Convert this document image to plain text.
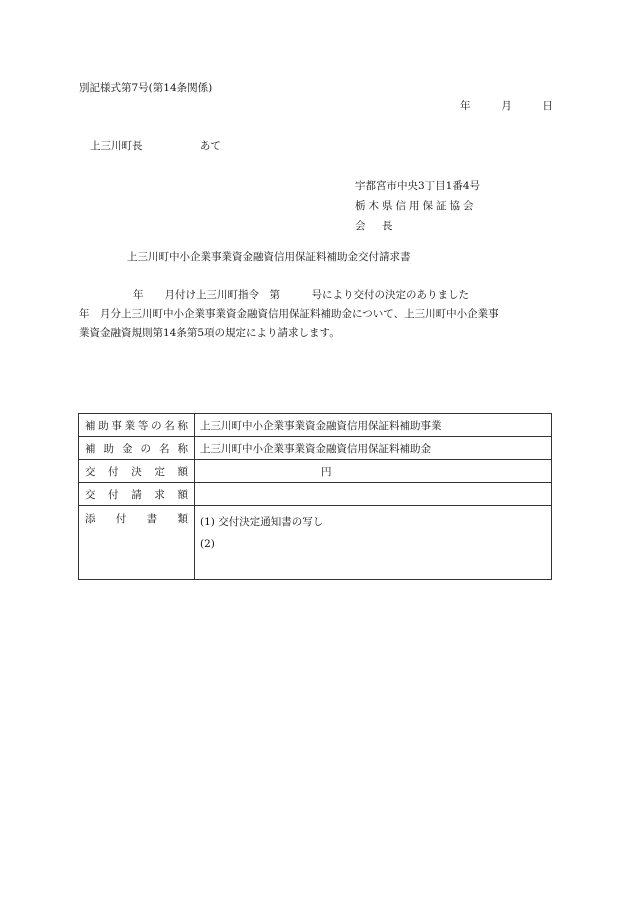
別記様式第7号(第14条関係)
年	月	日
上三川町長	あて
宇都宮市中央3丁目1番4号
栃木県信用保証協会
会　長
上三川町中小企業事業資金融資信用保証料補助金交付請求書
年　　月付け上三川町指令　第　　　号により交付の決定のありました
年　月分上三川町中小企業事業資金融資信用保証料補助金について、上三川町中小企業事
業資金融資規則第14条第5項の規定により請求します。
補助事業等の名称	上三川町中小企業事業資金融資信用保証料補助事業
補助金の名称	上三川町中小企業事業資金融資信用保証料補助金
交付決定額	円
交付請求額	
添付書類	(1) 交付決定通知書の写し
(2)
